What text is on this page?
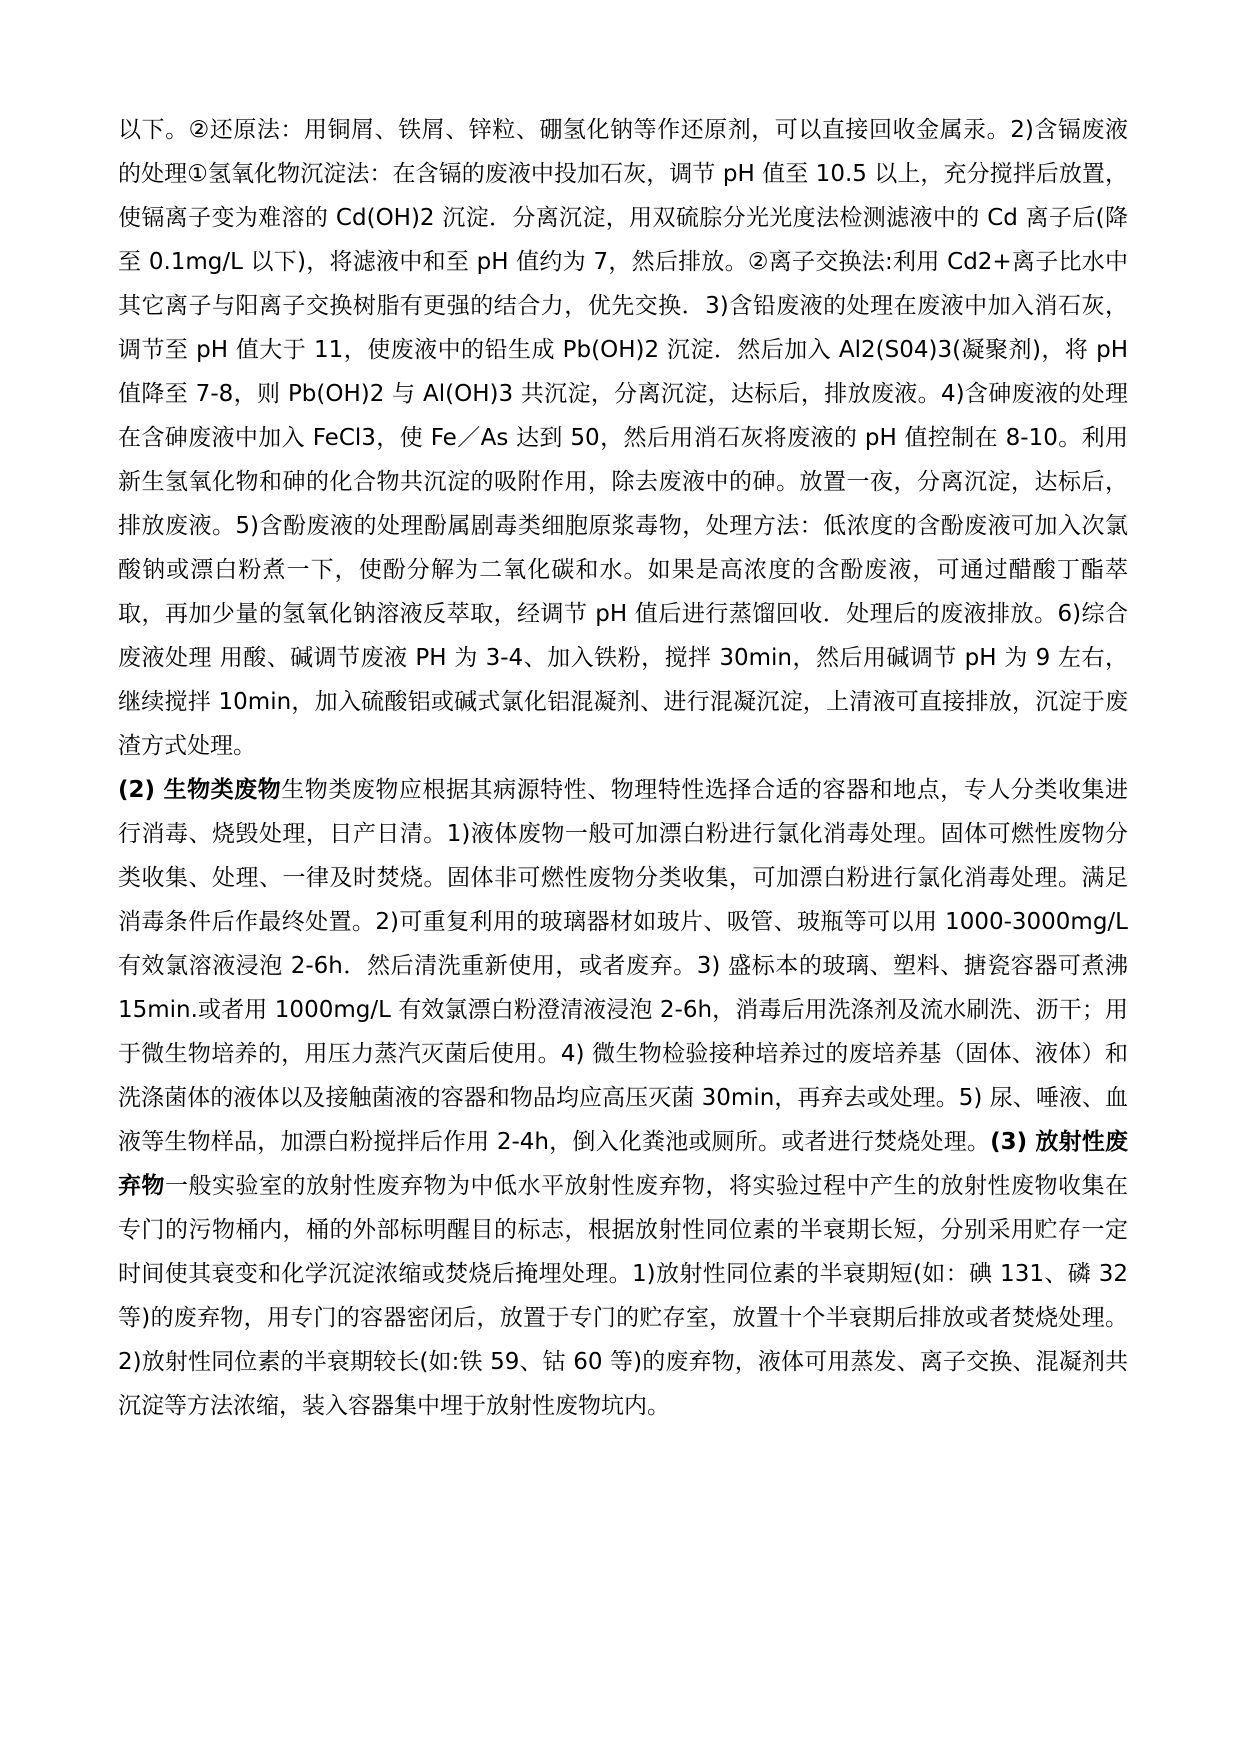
以下。②还原法：用铜屑、铁屑、锌粒、硼氢化钠等作还原剂，可以直接回收金属汞。2)含镉废液的处理①氢氧化物沉淀法：在含镉的废液中投加石灰，调节 pH 值至 10.5 以上，充分搅拌后放置，使镉离子变为难溶的 Cd(OH)2 沉淀．分离沉淀，用双硫腙分光光度法检测滤液中的 Cd 离子后(降至 0.1mg/L 以下)，将滤液中和至 pH 值约为 7，然后排放。②离子交换法:利用 Cd2+离子比水中其它离子与阳离子交换树脂有更强的结合力，优先交换．3)含铅废液的处理在废液中加入消石灰，调节至 pH 值大于 11，使废液中的铅生成 Pb(OH)2 沉淀．然后加入 Al2(S04)3(凝聚剂)，将 pH 值降至 7-8，则 Pb(OH)2 与 Al(OH)3 共沉淀，分离沉淀，达标后，排放废液。4)含砷废液的处理在含砷废液中加入 FeCl3，使 Fe／As 达到 50，然后用消石灰将废液的 pH 值控制在 8-10。利用新生氢氧化物和砷的化合物共沉淀的吸附作用，除去废液中的砷。放置一夜，分离沉淀，达标后，排放废液。5)含酚废液的处理酚属剧毒类细胞原浆毒物，处理方法：低浓度的含酚废液可加入次氯酸钠或漂白粉煮一下，使酚分解为二氧化碳和水。如果是高浓度的含酚废液，可通过醋酸丁酯萃取，再加少量的氢氧化钠溶液反萃取，经调节 pH 值后进行蒸馏回收．处理后的废液排放。6)综合废液处理 用酸、碱调节废液 PH 为 3-4、加入铁粉，搅拌 30min，然后用碱调节 pH 为 9 左右，继续搅拌 10min，加入硫酸铝或碱式氯化铝混凝剂、进行混凝沉淀，上清液可直接排放，沉淀于废渣方式处理。

(2) 生物类废物生物类废物应根据其病源特性、物理特性选择合适的容器和地点，专人分类收集进行消毒、烧毁处理，日产日清。1)液体废物一般可加漂白粉进行氯化消毒处理。固体可燃性废物分类收集、处理、一律及时焚烧。固体非可燃性废物分类收集，可加漂白粉进行氯化消毒处理。满足消毒条件后作最终处置。2)可重复利用的玻璃器材如玻片、吸管、玻瓶等可以用 1000-3000mg/L 有效氯溶液浸泡 2-6h．然后清洗重新使用，或者废弃。3) 盛标本的玻璃、塑料、搪瓷容器可煮沸 15min.或者用 1000mg/L 有效氯漂白粉澄清液浸泡 2-6h，消毒后用洗涤剂及流水刷洗、沥干；用于微生物培养的，用压力蒸汽灭菌后使用。4) 微生物检验接种培养过的废培养基（固体、液体）和洗涤菌体的液体以及接触菌液的容器和物品均应高压灭菌 30min，再弃去或处理。5) 尿、唾液、血液等生物样品，加漂白粉搅拌后作用 2-4h，倒入化粪池或厕所。或者进行焚烧处理。(3) 放射性废弃物一般实验室的放射性废弃物为中低水平放射性废弃物，将实验过程中产生的放射性废物收集在专门的污物桶内，桶的外部标明醒目的标志，根据放射性同位素的半衰期长短，分别采用贮存一定时间使其衰变和化学沉淀浓缩或焚烧后掩埋处理。1)放射性同位素的半衰期短(如：碘 131、磷 32 等)的废弃物，用专门的容器密闭后，放置于专门的贮存室，放置十个半衰期后排放或者焚烧处理。2)放射性同位素的半衰期较长(如:铁 59、钴 60 等)的废弃物，液体可用蒸发、离子交换、混凝剂共沉淀等方法浓缩，装入容器集中埋于放射性废物坑内。
